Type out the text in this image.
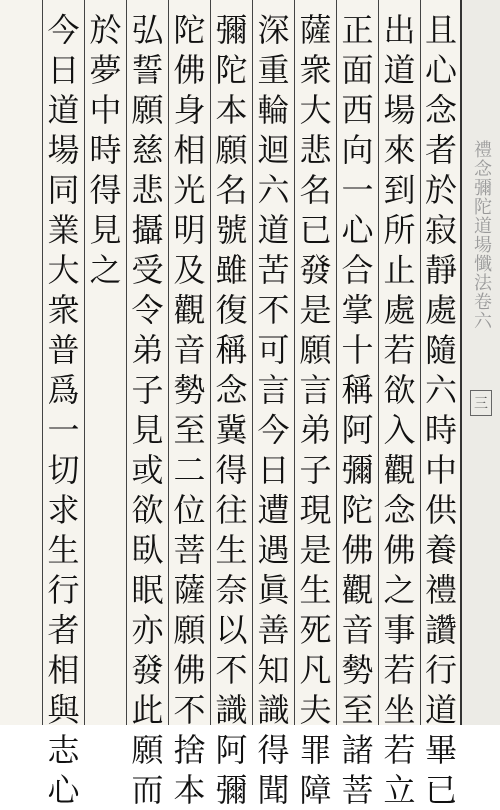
且
心
念
者
於
寂
靜
處
隨
六
時
中
供
養
禮
讚
行
道
畢
已
出
道
場
來
到
所
止
處
若
欲
入
觀
念
佛
之
事
若
坐
若
立
正
面
西
向
一
心
合
掌
十
稱
阿
彌
陀
佛
觀
音
勢
至
諸
菩
薩
衆
大
悲
名
已
發
是
願
言
弟
子
現
是
生
死
凡
夫
罪
障
深
重
輪
迴
六
道
苦
不
可
言
今
日
遭
遇
眞
善
知
識
得
聞
彌
陀
本
願
名
號
雖
復
稱
念
冀
得
往
生
奈
以
不
識
阿
彌
陀
佛
身
相
光
明
及
觀
音
勢
至
二
位
菩
薩
願
佛
不
捨
本
弘
誓
願
慈
悲
攝
受
令
弟
子
見
或
欲
臥
眠
亦
發
此
願
而
於
夢
中
時
得
見
之
今
日
道
場
同
業
大
衆
普
爲
一
切
求
生
行
者
相
與
志
心
禮念彌陀道場懺法卷六
三
